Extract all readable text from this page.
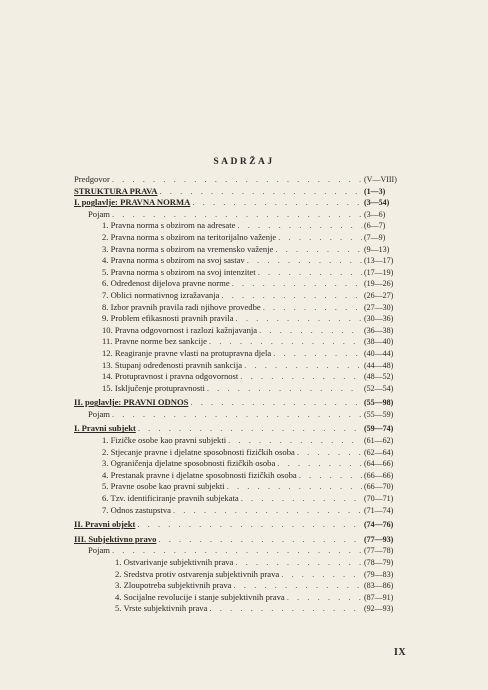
SADRŽAJ
Predgovor . . .	(V—VIII)
STRUKTURA PRAVA . . .	(1—3)
I. poglavlje: PRAVNA NORMA . . .	(3—54)
Pojam . . .	(3—6)
1. Pravna norma s obzirom na adresate . . .	(6—7)
2. Pravna norma s obzirom na teritorijalno važenje . . .	(7—9)
3. Pravna norma s obzirom na vremensko važenje . . .	(9—13)
4. Pravna norma s obzirom na svoj sastav . . .	(13—17)
5. Pravna norma s obzirom na svoj intenzitet . . .	(17—19)
6. Određenost dijelova pravne norme . . .	(19—26)
7. Oblici normativnog izražavanja . . .	(26—27)
8. Izbor pravnih pravila radi njihove provedbe . . .	(27—30)
9. Problem efikasnosti pravnih pravila . . .	(30—36)
10. Pravna odgovornost i razlozi kažnjavanja . . .	(36—38)
11. Pravne norme bez sankcije . . .	(38—40)
12. Reagiranje pravne vlasti na protupravna djela . . .	(40—44)
13. Stupanj određenosti pravnih sankcija . . .	(44—48)
14. Protupravnost i pravna odgovornost . . .	(48—52)
15. Isključenje protupravnosti . . .	(52—54)
II. poglavlje: PRAVNI ODNOS . . .	(55—98)
Pojam . . .	(55—59)
I. Pravni subjekt . . .	(59—74)
1. Fizičke osobe kao pravni subjekti . . .	(61—62)
2. Stjecanje pravne i djelatne sposobnosti fizičkih osoba . . .	(62—64)
3. Ograničenja djelatne sposobnosti fizičkih osoba . . .	(64—66)
4. Prestanak pravne i djelatne sposobnosti fizičkih osoba . . .	(66—66)
5. Pravne osobe kao pravni subjekti . . .	(66—70)
6. Tzv. identificiranje pravnih subjekata . . .	(70—71)
7. Odnos zastupstva . . .	(71—74)
II. Pravni objekt . . .	(74—76)
III. Subjektivno pravo . . .	(77—93)
Pojam . . .	(77—78)
1. Ostvarivanje subjektivnih prava . . .	(78—79)
2. Sredstva protiv ostvarenja subjektivnih prava . . .	(79—83)
3. Zloupotreba subjektivnih prava . . .	(83—86)
4. Socijalne revolucije i stanje subjektivnih prava . . .	(87—91)
5. Vrste subjektivnih prava . . .	(92—93)
IX
